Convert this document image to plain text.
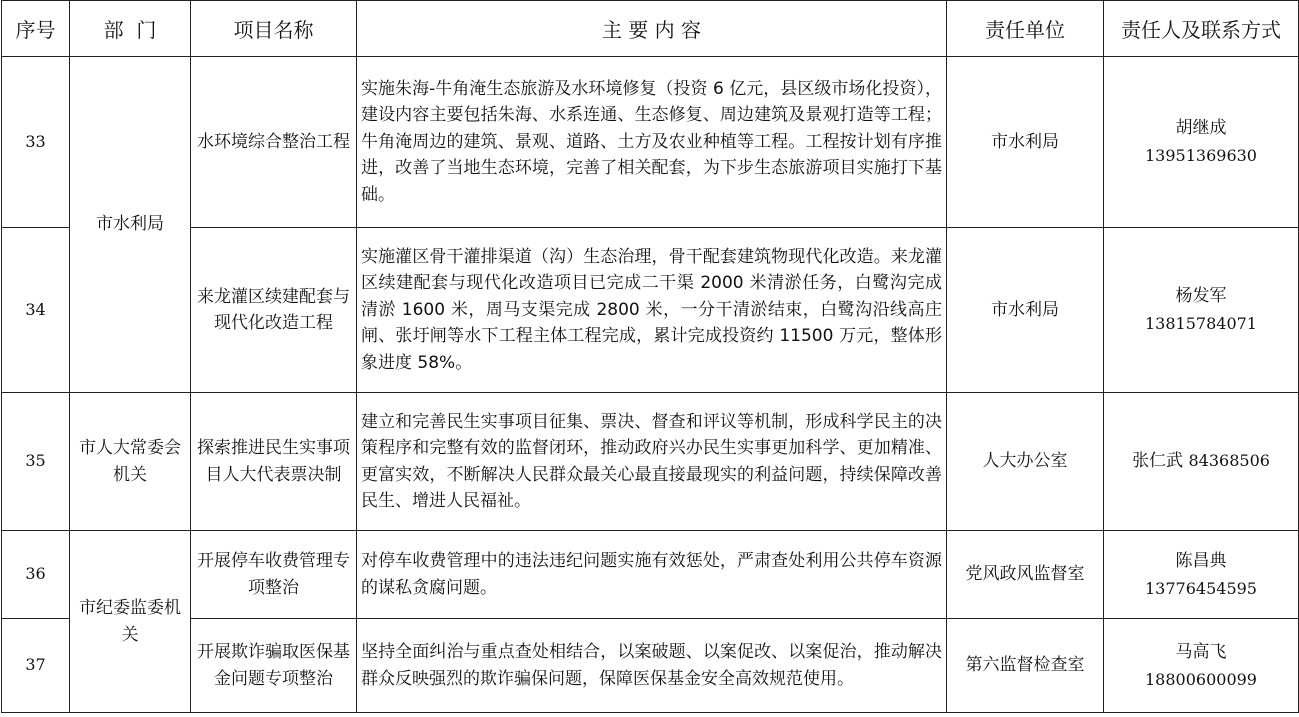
序号	部  门	项目名称	主 要 内 容	责任单位	责任人及联系方式
33	市水利局	水环境综合整治工程	实施朱海-牛角淹生态旅游及水环境修复（投资 6 亿元，县区级市场化投资），建设内容主要包括朱海、水系连通、生态修复、周边建筑及景观打造等工程；牛角淹周边的建筑、景观、道路、土方及农业种植等工程。工程按计划有序推进，改善了当地生态环境，完善了相关配套，为下步生态旅游项目实施打下基础。	市水利局	胡继成
13951369630

34		来龙灌区续建配套与现代化改造工程	实施灌区骨干灌排渠道（沟）生态治理，骨干配套建筑物现代化改造。来龙灌区续建配套与现代化改造项目已完成二干渠 2000 米清淤任务，白鹭沟完成清淤 1600 米，周马支渠完成 2800 米，一分干清淤结束，白鹭沟沿线高庄闸、张圩闸等水下工程主体工程完成，累计完成投资约 11500 万元，整体形象进度 58%。	市水利局	杨发军
13815784071

35	市人大常委会机关	探索推进民生实事项目人大代表票决制	建立和完善民生实事项目征集、票决、督查和评议等机制，形成科学民主的决策程序和完整有效的监督闭环，推动政府兴办民生实事更加科学、更加精准、更富实效，不断解决人民群众最关心最直接最现实的利益问题，持续保障改善民生、增进人民福祉。	人大办公室	张仁武 84368506
36	市纪委监委机关	开展停车收费管理专项整治	对停车收费管理中的违法违纪问题实施有效惩处，严肃查处利用公共停车资源的谋私贪腐问题。	党风政风监督室	陈昌典
13776454595

37		开展欺诈骗取医保基金问题专项整治	坚持全面纠治与重点查处相结合，以案破题、以案促改、以案促治，推动解决群众反映强烈的欺诈骗保问题，保障医保基金安全高效规范使用。	第六监督检查室	马高飞
18800600099
